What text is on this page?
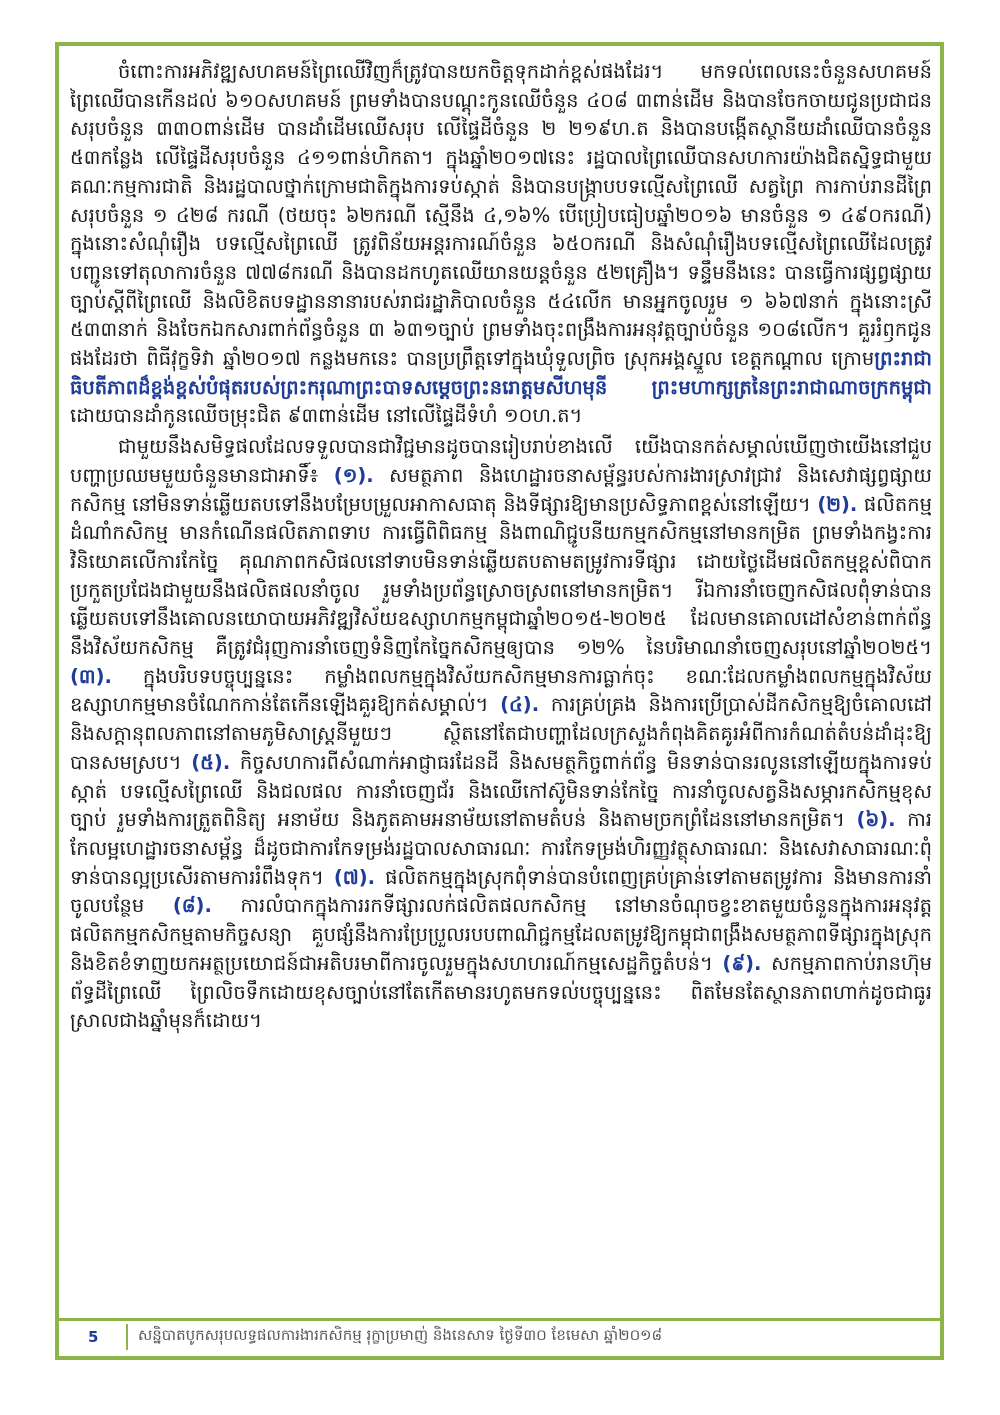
ចំពោះការអភិវឌ្ឍសហគមន៍ព្រៃឈើវិញក៏ត្រូវបានយកចិត្តទុកដាក់ខ្ពស់ផងដែរ។ មកទល់ពេលនេះចំនួនសហគមន៍ព្រៃឈើបានកើនដល់ ៦១០សហគមន៍ ព្រមទាំងបានបណ្តុះកូនឈើចំនួន ៤០៨ ៣ពាន់ដើម និងបានចែកចាយជូនប្រជាជនសរុបចំនួន ៣៣០ពាន់ដើម បានដាំដើមឈើសរុប លើផ្ទៃដីចំនួន ២ ២១៩ហ.ត និងបានបង្កើតស្ថានីយដាំឈើបានចំនួន ៥៣កន្លែង លើផ្ទៃដីសរុបចំនួន ៤១១ពាន់ហិកតា។ ក្នុងឆ្នាំ២០១៧នេះ រដ្ឋបាលព្រៃឈើបានសហការយ៉ាងជិតស្និទ្ធជាមួយគណៈកម្មការជាតិ និងរដ្ឋបាលថ្នាក់ក្រោមជាតិក្នុងការទប់ស្កាត់ និងបានបង្ក្រាបបទល្មើសព្រៃឈើ សត្វព្រៃ ការកាប់រានដីព្រៃសរុបចំនួន ១ ៤២៨ ករណី (ថយចុះ ៦២ករណី ស្មើនឹង ៤,១៦% បើប្រៀបធៀបឆ្នាំ២០១៦ មានចំនួន ១ ៤៩០ករណី) ក្នុងនោះសំណុំរឿង បទល្មើសព្រៃឈើ ត្រូវពិន័យអន្តរការណ៍ចំនួន ៦៥០ករណី និងសំណុំរឿងបទល្មើសព្រៃឈើដែលត្រូវបញ្ជូនទៅតុលាការចំនួន ៧៧៨ករណី និងបានដកហូតឈើយានយន្តចំនួន ៥២គ្រឿង។ ទន្ទឹមនឹងនេះ បានធ្វើការផ្សព្វផ្សាយ ច្បាប់ស្តីពីព្រៃឈើ និងលិខិតបទដ្ឋាននានារបស់រាជរដ្ឋាភិបាលចំនួន ៥៤លើក មានអ្នកចូលរួម ១ ៦៦៧នាក់ ក្នុងនោះស្រី ៥៣៣នាក់ និងចែកឯកសារពាក់ព័ន្ធចំនួន ៣ ៦៣១ច្បាប់ ព្រមទាំងចុះពង្រឹងការអនុវត្តច្បាប់ចំនួន ១០៨លើក។ គួររំឭកជូនផងដែរថា ពិធីវុក្ខទិវា ឆ្នាំ២០១៧ កន្លងមកនេះ បានប្រព្រឹត្តទៅក្នុងឃុំទួលព្រិច ស្រុកអង្គស្នួល ខេត្តកណ្តាល ក្រោមព្រះរាជាធិបតីភាពដ៏ខ្ពង់ខ្ពស់បំផុតរបស់ព្រះករុណាព្រះបាទសម្តេចព្រះនរោត្តមសីហមុនី ព្រះមហាក្សត្រនៃព្រះរាជាណាចក្រកម្ពុជា ដោយបានដាំកូនឈើចម្រុះជិត ៩៣ពាន់ដើម នៅលើផ្ទៃដីទំហំ ១០ហ.ត។

ជាមួយនឹងសមិទ្ធផលដែលទទួលបានជាវិជ្ជមានដូចបានរៀបរាប់ខាងលើ យើងបានកត់សម្គាល់ឃើញថាយើងនៅជួបបញ្ហាប្រឈមមួយចំនួនមានជាអាទិ៍៖ (១). សមត្ថភាព និងហេដ្ឋារចនាសម្ព័ន្ធរបស់ការងារស្រាវជ្រាវ និងសេវាផ្សព្វផ្សាយកសិកម្ម នៅមិនទាន់ឆ្លើយតបទៅនឹងបម្រែបម្រួលអាកាសធាតុ និងទីផ្សារឱ្យមានប្រសិទ្ធភាពខ្ពស់នៅឡើយ។ (២). ផលិតកម្មដំណាំកសិកម្ម មានកំណើនផលិតភាពទាប ការធ្វើពិពិធកម្ម និងពាណិជ្ជូបនីយកម្មកសិកម្មនៅមានកម្រិត ព្រមទាំងកង្វះការវិនិយោគលើការកែច្នៃ គុណភាពកសិផលនៅទាបមិនទាន់ឆ្លើយតបតាមតម្រូវការទីផ្សារ ដោយថ្លៃដើមផលិតកម្មខ្ពស់ពិបាកប្រកួតប្រជែងជាមួយនឹងផលិតផលនាំចូល រួមទាំងប្រព័ន្ធស្រោចស្រពនៅមានកម្រិត។ រីឯការនាំចេញកសិផលពុំទាន់បានឆ្លើយតបទៅនឹងគោលនយោបាយអភិវឌ្ឍវិស័យឧស្សាហកម្មកម្ពុជាឆ្នាំ២០១៥-២០២៥ ដែលមានគោលដៅសំខាន់ពាក់ព័ន្ធនឹងវិស័យកសិកម្ម គឺត្រូវជំរុញការនាំចេញទំនិញកែច្នៃកសិកម្មឲ្យបាន ១២% នៃបរិមាណនាំចេញសរុបនៅឆ្នាំ២០២៥។ (៣). ក្នុងបរិបទបច្ចុប្បន្ននេះ កម្លាំងពលកម្មក្នុងវិស័យកសិកម្មមានការធ្លាក់ចុះ ខណៈដែលកម្លាំងពលកម្មក្នុងវិស័យឧស្សាហកម្មមានចំណែកកាន់តែកើនឡើងគួរឱ្យកត់សម្គាល់។ (៤). ការគ្រប់គ្រង និងការប្រើប្រាស់ដីកសិកម្មឱ្យចំគោលដៅ និងសក្តានុពលភាពនៅតាមភូមិសាស្ត្រនីមួយៗ ស្ថិតនៅតែជាបញ្ហាដែលក្រសួងកំពុងគិតគូរអំពីការកំណត់តំបន់ដាំដុះឱ្យបានសមស្រប។ (៥). កិច្ចសហការពីសំណាក់អាជ្ញាធរដែនដី និងសមត្ថកិច្ចពាក់ព័ន្ធ មិនទាន់បានរលូននៅឡើយក្នុងការទប់ស្កាត់ បទល្មើសព្រៃឈើ និងជលផល ការនាំចេញជ័រ និងឈើកៅស៊ូមិនទាន់កែច្នៃ ការនាំចូលសត្វនិងសម្ភារកសិកម្មខុសច្បាប់ រួមទាំងការត្រួតពិនិត្យ អនាម័យ និងភូតគាមអនាម័យនៅតាមតំបន់ និងតាមច្រកព្រំដែននៅមានកម្រិត។ (៦). ការកែលម្អហេដ្ឋារចនាសម្ព័ន្ធ ដ៏ដូចជាការកែទម្រង់រដ្ឋបាលសាធារណៈ ការកែទម្រង់ហិរញ្ញវត្ថុសាធារណៈ និងសេវាសាធារណៈពុំទាន់បានល្អប្រសើរតាមការរំពឹងទុក។ (៧). ផលិតកម្មក្នុងស្រុកពុំទាន់បានបំពេញគ្រប់គ្រាន់ទៅតាមតម្រូវការ និងមានការនាំចូលបន្ថែម (៨). ការលំបាកក្នុងការរកទីផ្សារលក់ផលិតផលកសិកម្ម នៅមានចំណុចខ្វះខាតមួយចំនួនក្នុងការអនុវត្តផលិតកម្មកសិកម្មតាមកិច្ចសន្យា គួបផ្សំនឹងការប្រែប្រួលរបបពាណិជ្ជកម្មដែលតម្រូវឱ្យកម្ពុជាពង្រឹងសមត្ថភាពទីផ្សារក្នុងស្រុក និងខិតខំទាញយកអត្ថប្រយោជន៍ជាអតិបរមាពីការចូលរួមក្នុងសហហរណ៍កម្មសេដ្ឋកិច្ចតំបន់។ (៩). សកម្មភាពកាប់រានហ៊ុមព័ទ្ធដីព្រៃឈើ ព្រៃលិចទឹកដោយខុសច្បាប់នៅតែកើតមានរហូតមកទល់បច្ចុប្បន្ននេះ ពិតមែនតែស្ថានភាពហាក់ដូចជាធូរស្រាលជាងឆ្នាំមុនក៏ដោយ។

5	សន្និបាតបូកសរុបលទ្ធផលការងារកសិកម្ម រុក្ខាប្រមាញ់ និងនេសាទ ថ្ងៃទី៣០ ខែមេសា ឆ្នាំ២០១៨
